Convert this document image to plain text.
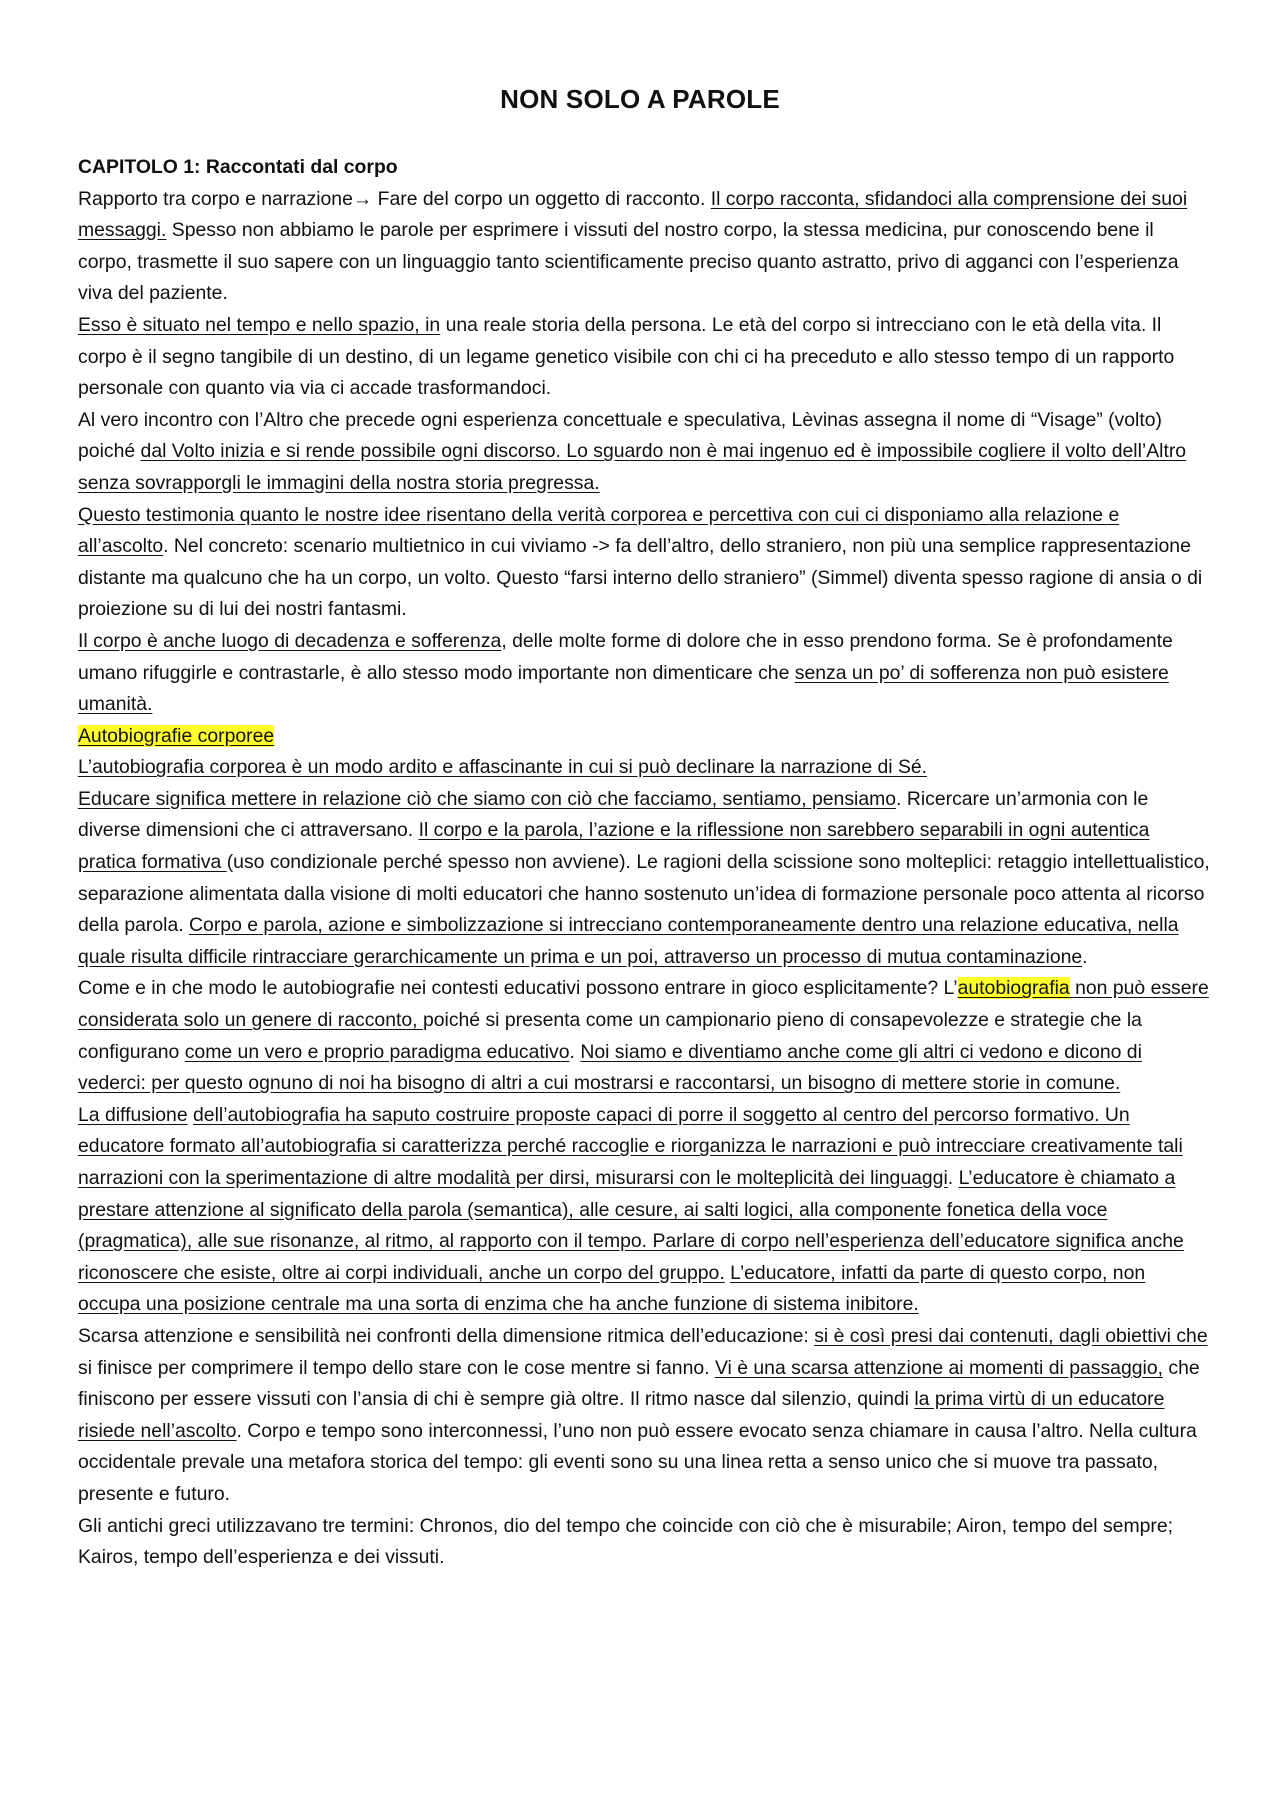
NON SOLO A PAROLE

CAPITOLO 1: Raccontati dal corpo

Rapporto tra corpo e narrazione→ Fare del corpo un oggetto di racconto. Il corpo racconta, sfidandoci alla comprensione dei suoi messaggi. Spesso non abbiamo le parole per esprimere i vissuti del nostro corpo, la stessa medicina, pur conoscendo bene il corpo, trasmette il suo sapere con un linguaggio tanto scientificamente preciso quanto astratto, privo di agganci con l’esperienza viva del paziente.

Esso è situato nel tempo e nello spazio, in una reale storia della persona. Le età del corpo si intrecciano con le età della vita. Il corpo è il segno tangibile di un destino, di un legame genetico visibile con chi ci ha preceduto e allo stesso tempo di un rapporto personale con quanto via via ci accade trasformandoci.

Al vero incontro con l’Altro che precede ogni esperienza concettuale e speculativa, Lèvinas assegna il nome di “Visage” (volto) poiché dal Volto inizia e si rende possibile ogni discorso. Lo sguardo non è mai ingenuo ed è impossibile cogliere il volto dell’Altro senza sovrapporgli le immagini della nostra storia pregressa.

Questo testimonia quanto le nostre idee risentano della verità corporea e percettiva con cui ci disponiamo alla relazione e all’ascolto. Nel concreto: scenario multietnico in cui viviamo -> fa dell’altro, dello straniero, non più una semplice rappresentazione distante ma qualcuno che ha un corpo, un volto. Questo “farsi interno dello straniero” (Simmel) diventa spesso ragione di ansia o di proiezione su di lui dei nostri fantasmi.

Il corpo è anche luogo di decadenza e sofferenza, delle molte forme di dolore che in esso prendono forma. Se è profondamente umano rifuggirle e contrastarle, è allo stesso modo importante non dimenticare che senza un po’ di sofferenza non può esistere umanità.

Autobiografie corporee

L’autobiografia corporea è un modo ardito e affascinante in cui si può declinare la narrazione di Sé.

Educare significa mettere in relazione ciò che siamo con ciò che facciamo, sentiamo, pensiamo. Ricercare un’armonia con le diverse dimensioni che ci attraversano. Il corpo e la parola, l’azione e la riflessione non sarebbero separabili in ogni autentica pratica formativa (uso condizionale perché spesso non avviene). Le ragioni della scissione sono molteplici: retaggio intellettualistico, separazione alimentata dalla visione di molti educatori che hanno sostenuto un’idea di formazione personale poco attenta al ricorso della parola. Corpo e parola, azione e simbolizzazione si intrecciano contemporaneamente dentro una relazione educativa, nella quale risulta difficile rintracciare gerarchicamente un prima e un poi, attraverso un processo di mutua contaminazione.

Come e in che modo le autobiografie nei contesti educativi possono entrare in gioco esplicitamente? L’autobiografia non può essere considerata solo un genere di racconto, poiché si presenta come un campionario pieno di consapevolezze e strategie che la configurano come un vero e proprio paradigma educativo. Noi siamo e diventiamo anche come gli altri ci vedono e dicono di vederci: per questo ognuno di noi ha bisogno di altri a cui mostrarsi e raccontarsi, un bisogno di mettere storie in comune.

La diffusione dell’autobiografia ha saputo costruire proposte capaci di porre il soggetto al centro del percorso formativo. Un educatore formato all’autobiografia si caratterizza perché raccoglie e riorganizza le narrazioni e può intrecciare creativamente tali narrazioni con la sperimentazione di altre modalità per dirsi, misurarsi con le molteplicità dei linguaggi. L’educatore è chiamato a prestare attenzione al significato della parola (semantica), alle cesure, ai salti logici, alla componente fonetica della voce (pragmatica), alle sue risonanze, al ritmo, al rapporto con il tempo. Parlare di corpo nell’esperienza dell’educatore significa anche riconoscere che esiste, oltre ai corpi individuali, anche un corpo del gruppo. L’educatore, infatti da parte di questo corpo, non occupa una posizione centrale ma una sorta di enzima che ha anche funzione di sistema inibitore.

Scarsa attenzione e sensibilità nei confronti della dimensione ritmica dell’educazione: si è così presi dai contenuti, dagli obiettivi che si finisce per comprimere il tempo dello stare con le cose mentre si fanno. Vi è una scarsa attenzione ai momenti di passaggio, che finiscono per essere vissuti con l’ansia di chi è sempre già oltre. Il ritmo nasce dal silenzio, quindi la prima virtù di un educatore risiede nell’ascolto. Corpo e tempo sono interconnessi, l’uno non può essere evocato senza chiamare in causa l’altro. Nella cultura occidentale prevale una metafora storica del tempo: gli eventi sono su una linea retta a senso unico che si muove tra passato, presente e futuro.

Gli antichi greci utilizzavano tre termini: Chronos, dio del tempo che coincide con ciò che è misurabile; Airon, tempo del sempre; Kairos, tempo dell’esperienza e dei vissuti.
